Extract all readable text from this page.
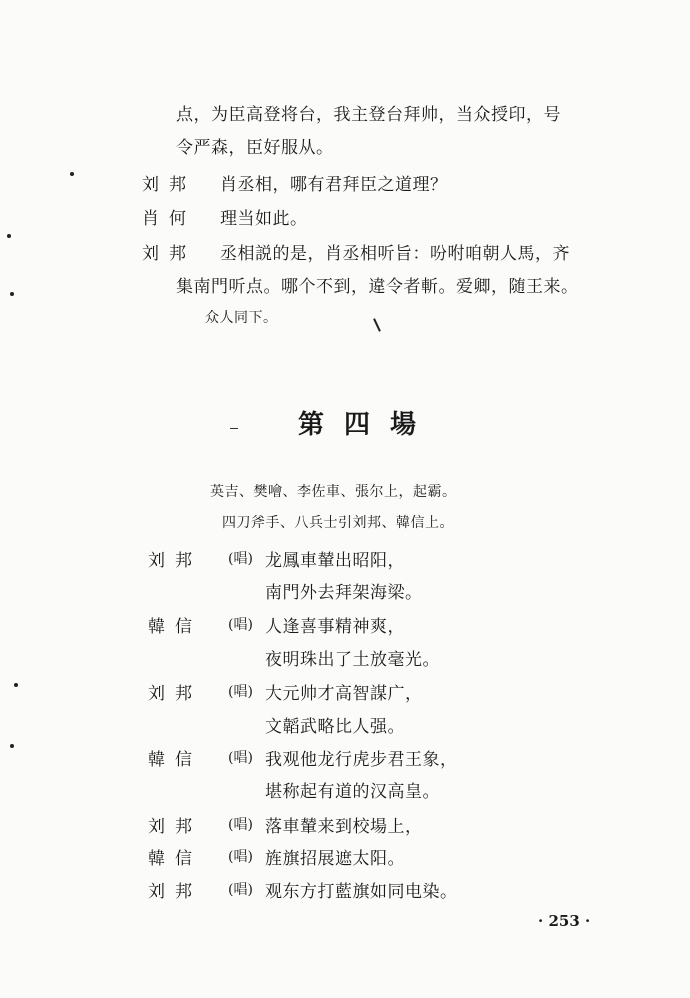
点，为臣高登将台，我主登台拜帅，当众授印，号
令严森，臣好服从。
刘邦 肖丞相，哪有君拜臣之道理？
肖何 理当如此。
刘邦 丞相説的是，肖丞相听旨：吩咐咱朝人馬，齐
集南門听点。哪个不到，違令者斬。爱卿，随王来。
众人同下。
第四場
英吉、樊噲、李佐車、張尔上，起霸。
四刀斧手、八兵士引刘邦、韓信上。
刘邦 (唱) 龙鳳車輦出昭阳，
南門外去拜架海梁。
韓信 (唱) 人逢喜事精神爽，
夜明珠出了土放毫光。
刘邦 (唱) 大元帅才高智謀广，
文韜武略比人强。
韓信 (唱) 我观他龙行虎步君王象，
堪称起有道的汉高皇。
刘邦 (唱) 落車輦来到校場上，
韓信 (唱) 旌旗招展遮太阳。
刘邦 (唱) 观东方打藍旗如同电染。
· 253 ·
